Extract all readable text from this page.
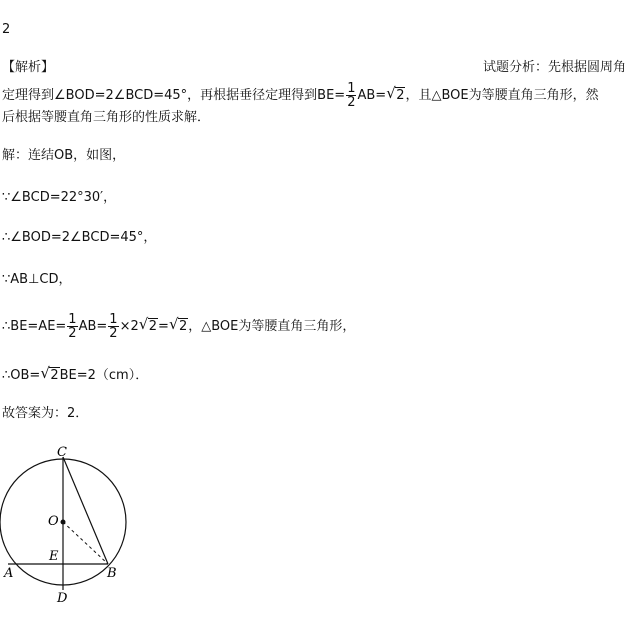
2
【解析】	试题分析：先根据圆周角
定理得到∠BOD=2∠BCD=45°，再根据垂径定理得到$BE= \frac{1}{2} AB=$ √ 2，且△BOE为等腰直角三角形，然
后根据等腰直角三角形的性质求解．
解：连结OB，如图，
∵∠BCD=22°30′，
∴∠BOD=2∠BCD=45°，
∵AB⊥CD，
∴BE=AE= $\frac{1}{2} AB= \frac{1}{2} \times 2$ √ 2= √ 2，△BOE为等腰直角三角形，
∴OB= √ 2BE=2（cm）．
故答案为：2．
C
O
E
A	B
D
